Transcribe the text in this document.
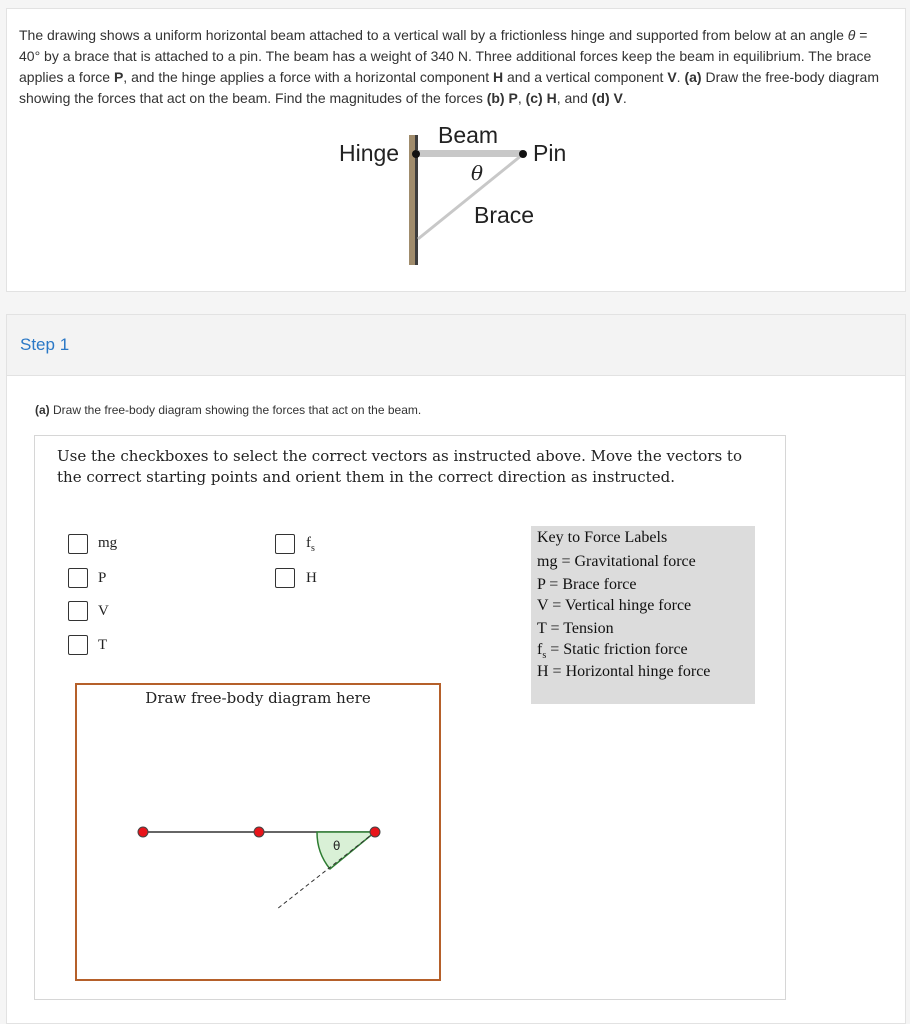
The drawing shows a uniform horizontal beam attached to a vertical wall by a frictionless hinge and supported from below at an angle θ = 40° by a brace that is attached to a pin. The beam has a weight of 340 N. Three additional forces keep the beam in equilibrium. The brace applies a force P, and the hinge applies a force with a horizontal component H and a vertical component V. (a) Draw the free-body diagram showing the forces that act on the beam. Find the magnitudes of the forces (b) P, (c) H, and (d) V.
Hinge
Beam
Pin
θ
Brace
Step 1
(a) Draw the free-body diagram showing the forces that act on the beam.
Use the checkboxes to select the correct vectors as instructed above. Move the vectors to the correct starting points and orient them in the correct direction as instructed.
mg
P
V
T
$f_s$
H
Key to Force Labels
mg = Gravitational force
P = Brace force
V = Vertical hinge force
T = Tension
$f_s$ = Static friction force
H = Horizontal hinge force
Draw free-body diagram here
θ
